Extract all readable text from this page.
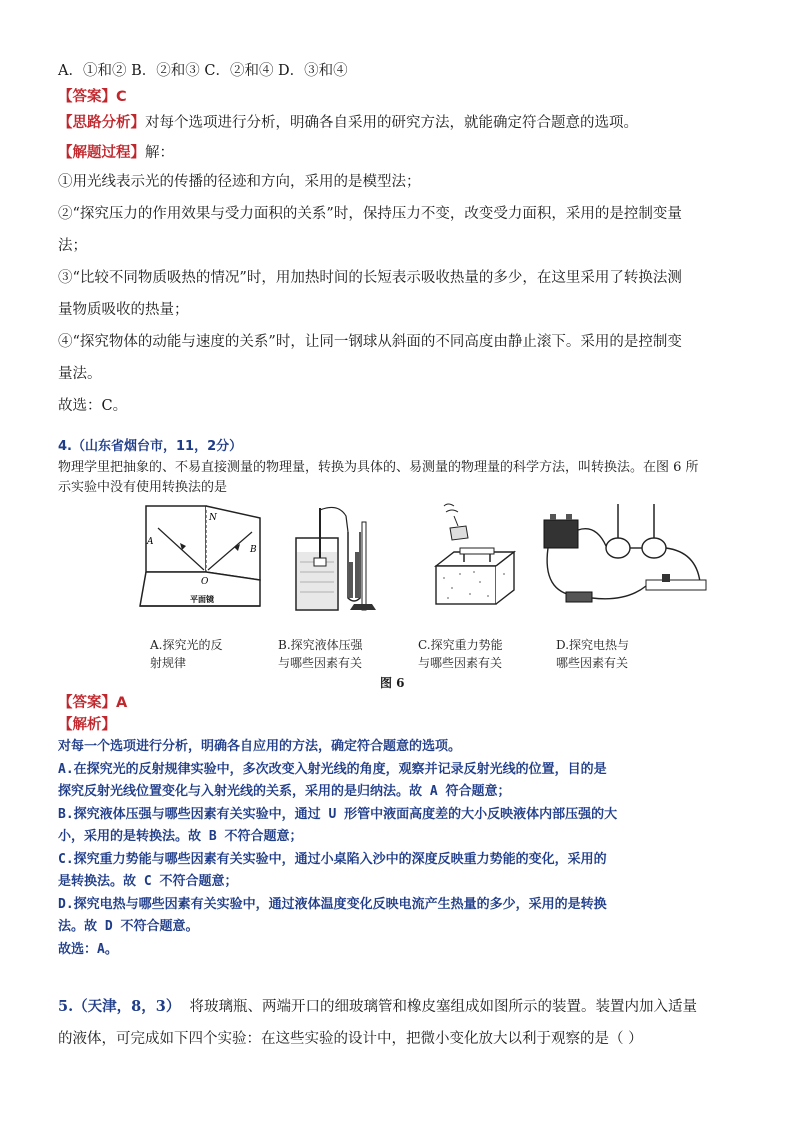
A．①和② B．②和③ C．②和④ D．③和④

【答案】C

【思路分析】对每个选项进行分析，明确各自采用的研究方法，就能确定符合题意的选项。

【解题过程】解：

①用光线表示光的传播的径迹和方向，采用的是模型法；

②“探究压力的作用效果与受力面积的关系”时，保持压力不变，改变受力面积，采用的是控制变量

法；

③“比较不同物质吸热的情况”时，用加热时间的长短表示吸收热量的多少，在这里采用了转换法测

量物质吸收的热量；

④“探究物体的动能与速度的关系”时，让同一钢球从斜面的不同高度由静止滚下。采用的是控制变

量法。

故选：C。

4.（山东省烟台市，11，2分）

物理学里把抽象的、不易直接测量的物理量，转换为具体的、易测量的物理量的科学方法，叫转换法。在图 6 所

示实验中没有使用转换法的是

A
B
N
O
平面镜
A.探究光的反
射规律
B.探究液体压强
与哪些因素有关
C.探究重力势能
与哪些因素有关
D.探究电热与
哪些因素有关
图 6

【答案】A

【解析】

对每一个选项进行分析，明确各自应用的方法，确定符合题意的选项。

A.在探究光的反射规律实验中，多次改变入射光线的角度，观察并记录反射光线的位置，目的是

探究反射光线位置变化与入射光线的关系，采用的是归纳法。故 A 符合题意；

B.探究液体压强与哪些因素有关实验中，通过 U 形管中液面高度差的大小反映液体内部压强的大

小，采用的是转换法。故 B 不符合题意；

C.探究重力势能与哪些因素有关实验中，通过小桌陷入沙中的深度反映重力势能的变化，采用的

是转换法。故 C 不符合题意；

D.探究电热与哪些因素有关实验中，通过液体温度变化反映电流产生热量的多少，采用的是转换

法。故 D 不符合题意。

故选：A。

5.（天津，8，3） 将玻璃瓶、两端开口的细玻璃管和橡皮塞组成如图所示的装置。装置内加入适量

的液体，可完成如下四个实验：在这些实验的设计中，把微小变化放大以利于观察的是（ ）
